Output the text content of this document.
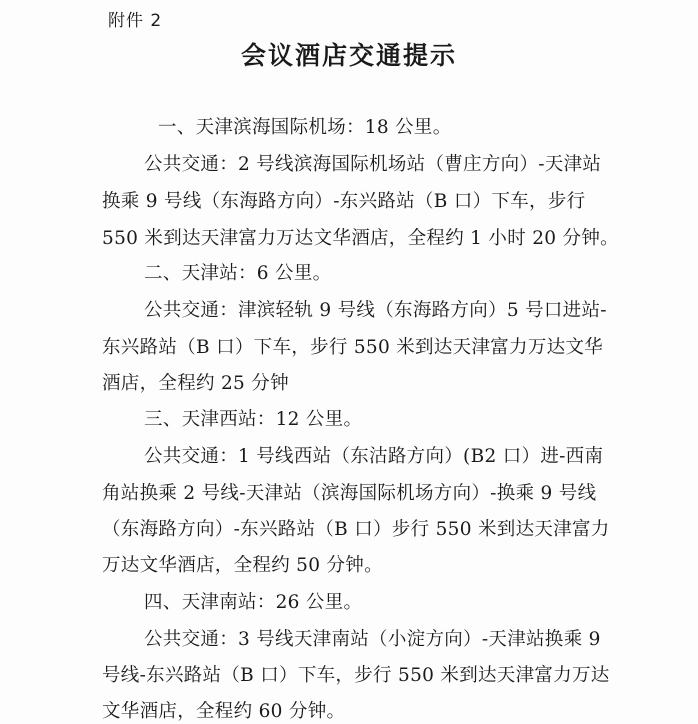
附件 2
会议酒店交通提示
一、天津滨海国际机场：18 公里。
公共交通：2 号线滨海国际机场站（曹庄方向）-天津站
换乘 9 号线（东海路方向）-东兴路站（B 口）下车，步行
550 米到达天津富力万达文华酒店，全程约 1 小时 20 分钟。
二、天津站：6 公里。
公共交通：津滨轻轨 9 号线（东海路方向）5 号口进站-
东兴路站（B 口）下车，步行 550 米到达天津富力万达文华
酒店，全程约 25 分钟
三、天津西站：12 公里。
公共交通：1 号线西站（东沽路方向）(B2 口）进-西南
角站换乘 2 号线-天津站（滨海国际机场方向）-换乘 9 号线
（东海路方向）-东兴路站（B 口）步行 550 米到达天津富力
万达文华酒店，全程约 50 分钟。
四、天津南站：26 公里。
公共交通：3 号线天津南站（小淀方向）-天津站换乘 9
号线-东兴路站（B 口）下车，步行 550 米到达天津富力万达
文华酒店，全程约 60 分钟。
